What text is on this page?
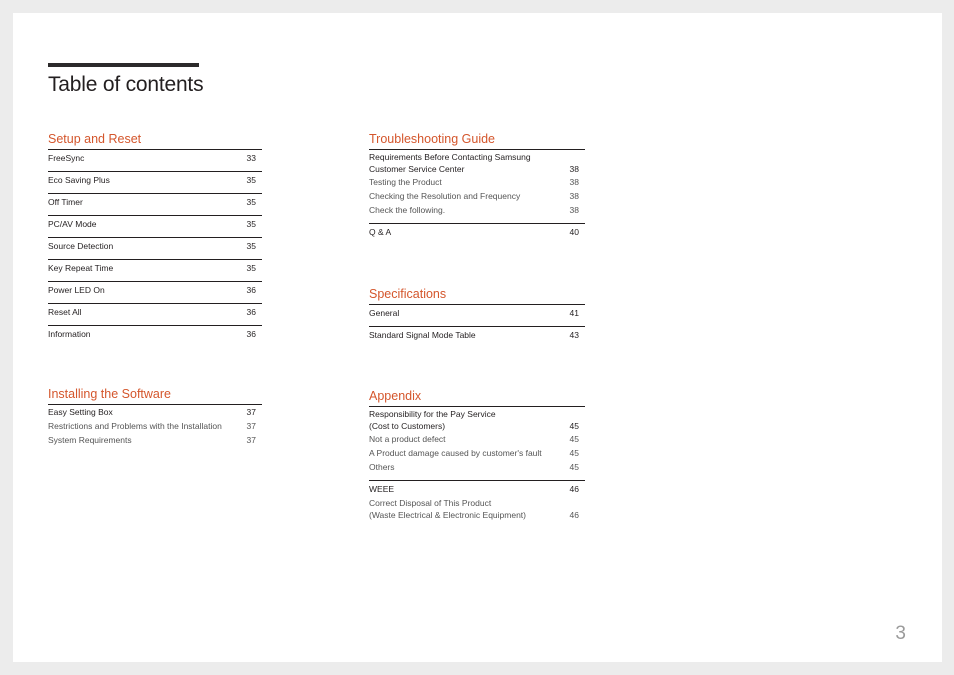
Table of contents
Setup and Reset
FreeSync	33
Eco Saving Plus	35
Off Timer	35
PC/AV Mode	35
Source Detection	35
Key Repeat Time	35
Power LED On	36
Reset All	36
Information	36
Installing the Software
Easy Setting Box	37
Restrictions and Problems with the Installation	37
System Requirements	37
Troubleshooting Guide
Requirements Before Contacting Samsung
Customer Service Center	38
Testing the Product	38
Checking the Resolution and Frequency	38
Check the following.	38
Q & A	40
Specifications
General	41
Standard Signal Mode Table	43
Appendix
Responsibility for the Pay Service
(Cost to Customers)	45
Not a product defect	45
A Product damage caused by customer's fault	45
Others	45
WEEE	46
Correct Disposal of This Product
(Waste Electrical & Electronic Equipment)	46
3
